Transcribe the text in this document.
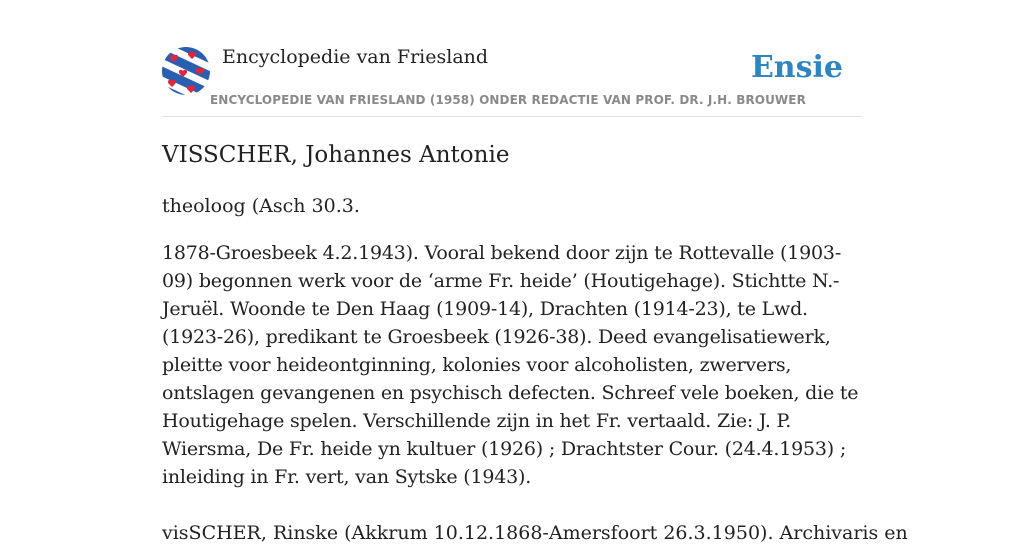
Encyclopedie van Friesland	Ensie
ENCYCLOPEDIE VAN FRIESLAND (1958) ONDER REDACTIE VAN PROF. DR. J.H. BROUWER
VISSCHER, Johannes Antonie

theoloog (Asch 30.3.

1878-Groesbeek 4.2.1943). Vooral bekend door zijn te Rottevalle (1903-09) begonnen werk voor de ‘arme Fr. heide’ (Houtigehage). Stichtte N.-Jeruël. Woonde te Den Haag (1909-14), Drachten (1914-23), te Lwd. (1923-26), predikant te Groesbeek (1926-38). Deed evangelisatiewerk, pleitte voor heideontginning, kolonies voor alcoholisten, zwervers, ontslagen gevangenen en psychisch defecten. Schreef vele boeken, die te Houtigehage spelen. Verschillende zijn in het Fr. vertaald. Zie: J. P. Wiersma, De Fr. heide yn kultuer (1926) ; Drachtster Cour. (24.4.1953) ; inleiding in Fr. vert, van Sytske (1943).

visSCHER, Rinske (Akkrum 10.12.1868-Amersfoort 26.3.1950). Archivaris en
